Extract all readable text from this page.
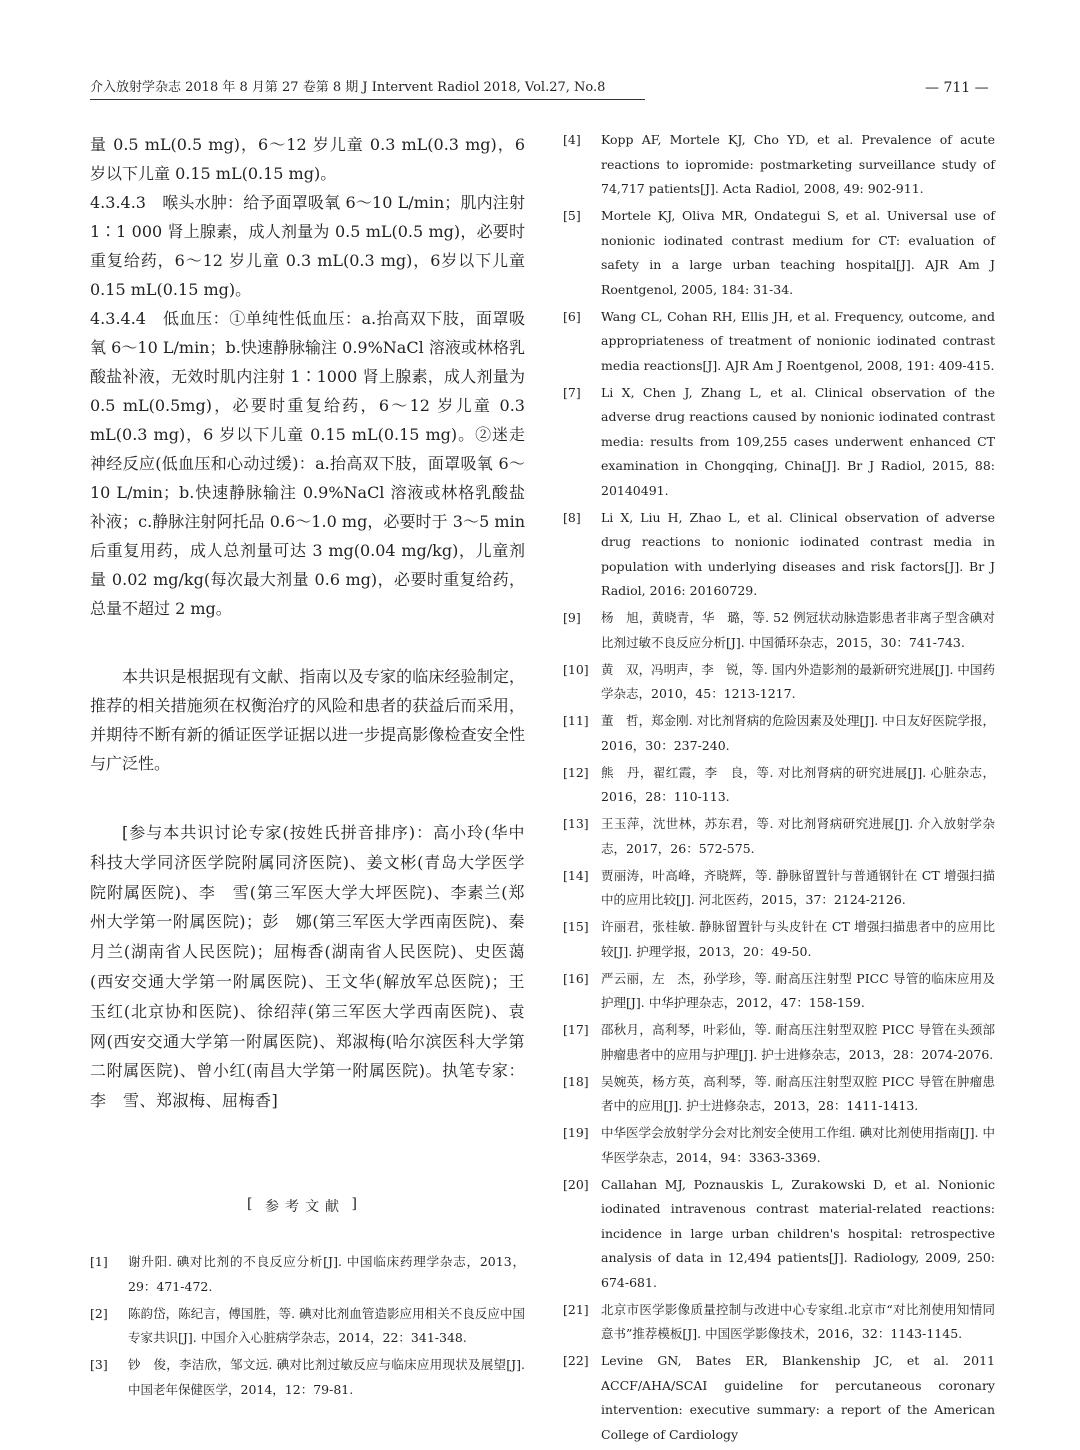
介入放射学杂志 2018 年 8 月第 27 卷第 8 期 J Intervent Radiol 2018, Vol.27, No.8	— 711 —

量 0.5 mL(0.5 mg)，6～12 岁儿童 0.3 mL(0.3 mg)，6 岁以下儿童 0.15 mL(0.15 mg)。

4.3.4.3　喉头水肿：给予面罩吸氧 6～10 L/min；肌内注射 1∶1 000 肾上腺素，成人剂量为 0.5 mL(0.5 mg)，必要时重复给药，6～12 岁儿童 0.3 mL(0.3 mg)，6岁以下儿童 0.15 mL(0.15 mg)。

4.3.4.4　低血压：①单纯性低血压：a.抬高双下肢，面罩吸氧 6～10 L/min；b.快速静脉输注 0.9%NaCl 溶液或林格乳酸盐补液，无效时肌内注射 1∶1000 肾上腺素，成人剂量为 0.5 mL(0.5mg)，必要时重复给药，6～12 岁儿童 0.3 mL(0.3 mg)，6 岁以下儿童 0.15 mL(0.15 mg)。②迷走神经反应(低血压和心动过缓)：a.抬高双下肢，面罩吸氧 6～10 L/min；b.快速静脉输注 0.9%NaCl 溶液或林格乳酸盐补液；c.静脉注射阿托品 0.6～1.0 mg，必要时于 3～5 min 后重复用药，成人总剂量可达 3 mg(0.04 mg/kg)，儿童剂量 0.02 mg/kg(每次最大剂量 0.6 mg)，必要时重复给药，总量不超过 2 mg。

本共识是根据现有文献、指南以及专家的临床经验制定，推荐的相关措施须在权衡治疗的风险和患者的获益后而采用，并期待不断有新的循证医学证据以进一步提高影像检查安全性与广泛性。

[参与本共识讨论专家(按姓氏拼音排序)：高小玲(华中科技大学同济医学院附属同济医院)、姜文彬(青岛大学医学院附属医院)、李　雪(第三军医大学大坪医院)、李素兰(郑州大学第一附属医院)；彭　娜(第三军医大学西南医院)、秦月兰(湖南省人民医院)；屈梅香(湖南省人民医院)、史医蔼(西安交通大学第一附属医院)、王文华(解放军总医院)；王玉红(北京协和医院)、徐绍萍(第三军医大学西南医院)、袁　网(西安交通大学第一附属医院)、郑淑梅(哈尔滨医科大学第二附属医院)、曾小红(南昌大学第一附属医院)。执笔专家：李　雪、郑淑梅、屈梅香]

[ 参考文献 ]
[1]	谢升阳. 碘对比剂的不良反应分析[J]. 中国临床药理学杂志，2013，29：471-472.
[2]	陈韵岱，陈纪言，傅国胜，等. 碘对比剂血管造影应用相关不良反应中国专家共识[J]. 中国介入心脏病学杂志，2014，22：341-348.
[3]	钞　俊，李洁欣，邹文远. 碘对比剂过敏反应与临床应用现状及展望[J]. 中国老年保健医学，2014，12：79-81.
[4]	Kopp AF, Mortele KJ, Cho YD, et al. Prevalence of acute reactions to iopromide: postmarketing surveillance study of 74,717 patients[J]. Acta Radiol, 2008, 49: 902-911.
[5]	Mortele KJ, Oliva MR, Ondategui S, et al. Universal use of nonionic iodinated contrast medium for CT: evaluation of safety in a large urban teaching hospital[J]. AJR Am J Roentgenol, 2005, 184: 31-34.
[6]	Wang CL, Cohan RH, Ellis JH, et al. Frequency, outcome, and appropriateness of treatment of nonionic iodinated contrast media reactions[J]. AJR Am J Roentgenol, 2008, 191: 409-415.
[7]	Li X, Chen J, Zhang L, et al. Clinical observation of the adverse drug reactions caused by nonionic iodinated contrast media: results from 109,255 cases underwent enhanced CT examination in Chongqing, China[J]. Br J Radiol, 2015, 88: 20140491.
[8]	Li X, Liu H, Zhao L, et al. Clinical observation of adverse drug reactions to nonionic iodinated contrast media in population with underlying diseases and risk factors[J]. Br J Radiol, 2016: 20160729.
[9]	杨　旭，黄晓青，华　璐，等. 52 例冠状动脉造影患者非离子型含碘对比剂过敏不良反应分析[J]. 中国循环杂志，2015，30：741-743.
[10] 黄　双，冯明声，李　锐，等. 国内外造影剂的最新研究进展[J]. 中国药学杂志，2010，45：1213-1217.
[11] 董　哲，郑金刚. 对比剂肾病的危险因素及处理[J]. 中日友好医院学报，2016，30：237-240.
[12] 熊　丹，翟红霞，李　良，等. 对比剂肾病的研究进展[J]. 心脏杂志，2016，28：110-113.
[13] 王玉萍，沈世林，苏东君，等. 对比剂肾病研究进展[J]. 介入放射学杂志，2017，26：572-575.
[14] 贾丽涛，叶高峰，齐晓辉，等. 静脉留置针与普通钢针在 CT 增强扫描中的应用比较[J]. 河北医药，2015，37：2124-2126.
[15] 许丽君，张桂敏. 静脉留置针与头皮针在 CT 增强扫描患者中的应用比较[J]. 护理学报，2013，20：49-50.
[16] 严云丽，左　杰，孙学珍，等. 耐高压注射型 PICC 导管的临床应用及护理[J]. 中华护理杂志，2012，47：158-159.
[17] 邵秋月，高利琴，叶彩仙，等. 耐高压注射型双腔 PICC 导管在头颈部肿瘤患者中的应用与护理[J]. 护士进修杂志，2013，28：2074-2076.
[18] 吴婉英，杨方英，高利琴，等. 耐高压注射型双腔 PICC 导管在肿瘤患者中的应用[J]. 护士进修杂志，2013，28：1411-1413.
[19] 中华医学会放射学分会对比剂安全使用工作组. 碘对比剂使用指南[J]. 中华医学杂志，2014，94：3363-3369.
[20] Callahan MJ, Poznauskis L, Zurakowski D, et al. Nonionic iodinated intravenous contrast material-related reactions: incidence in large urban children's hospital: retrospective analysis of data in 12,494 patients[J]. Radiology, 2009, 250: 674-681.
[21] 北京市医学影像质量控制与改进中心专家组.北京市“对比剂使用知情同意书”推荐模板[J]. 中国医学影像技术，2016，32：1143-1145.
[22] Levine GN, Bates ER, Blankenship JC, et al. 2011 ACCF/AHA/SCAI guideline for percutaneous coronary intervention: executive summary: a report of the American College of Cardiology
